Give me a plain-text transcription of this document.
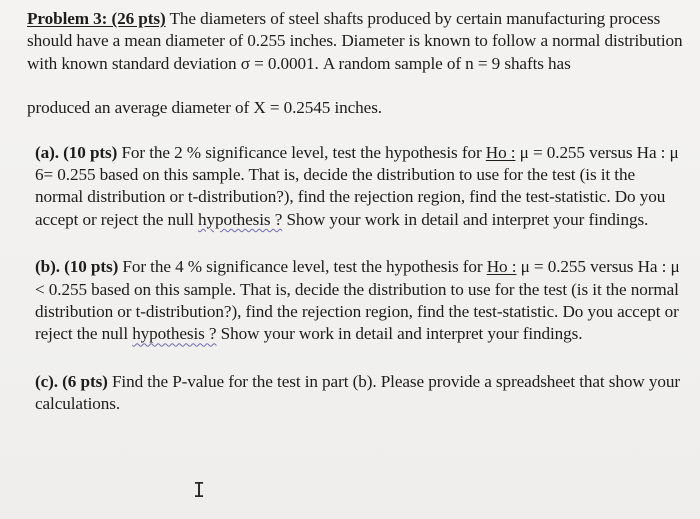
Problem 3: (26 pts) The diameters of steel shafts produced by certain manufacturing process should have a mean diameter of 0.255 inches. Diameter is known to follow a normal distribution with known standard deviation σ = 0.0001. A random sample of n = 9 shafts has

produced an average diameter of X = 0.2545 inches.

(a). (10 pts) For the 2 % significance level, test the hypothesis for Ho : μ = 0.255 versus Ha : μ 6= 0.255 based on this sample. That is, decide the distribution to use for the test (is it the normal distribution or t-distribution?), find the rejection region, find the test-statistic. Do you accept or reject the null hypothesis ? Show your work in detail and interpret your findings.

(b). (10 pts) For the 4 % significance level, test the hypothesis for Ho : μ = 0.255 versus Ha : μ < 0.255 based on this sample. That is, decide the distribution to use for the test (is it the normal distribution or t-distribution?), find the rejection region, find the test-statistic. Do you accept or reject the null hypothesis ? Show your work in detail and interpret your findings.

(c). (6 pts) Find the P-value for the test in part (b). Please provide a spreadsheet that show your calculations.

I
